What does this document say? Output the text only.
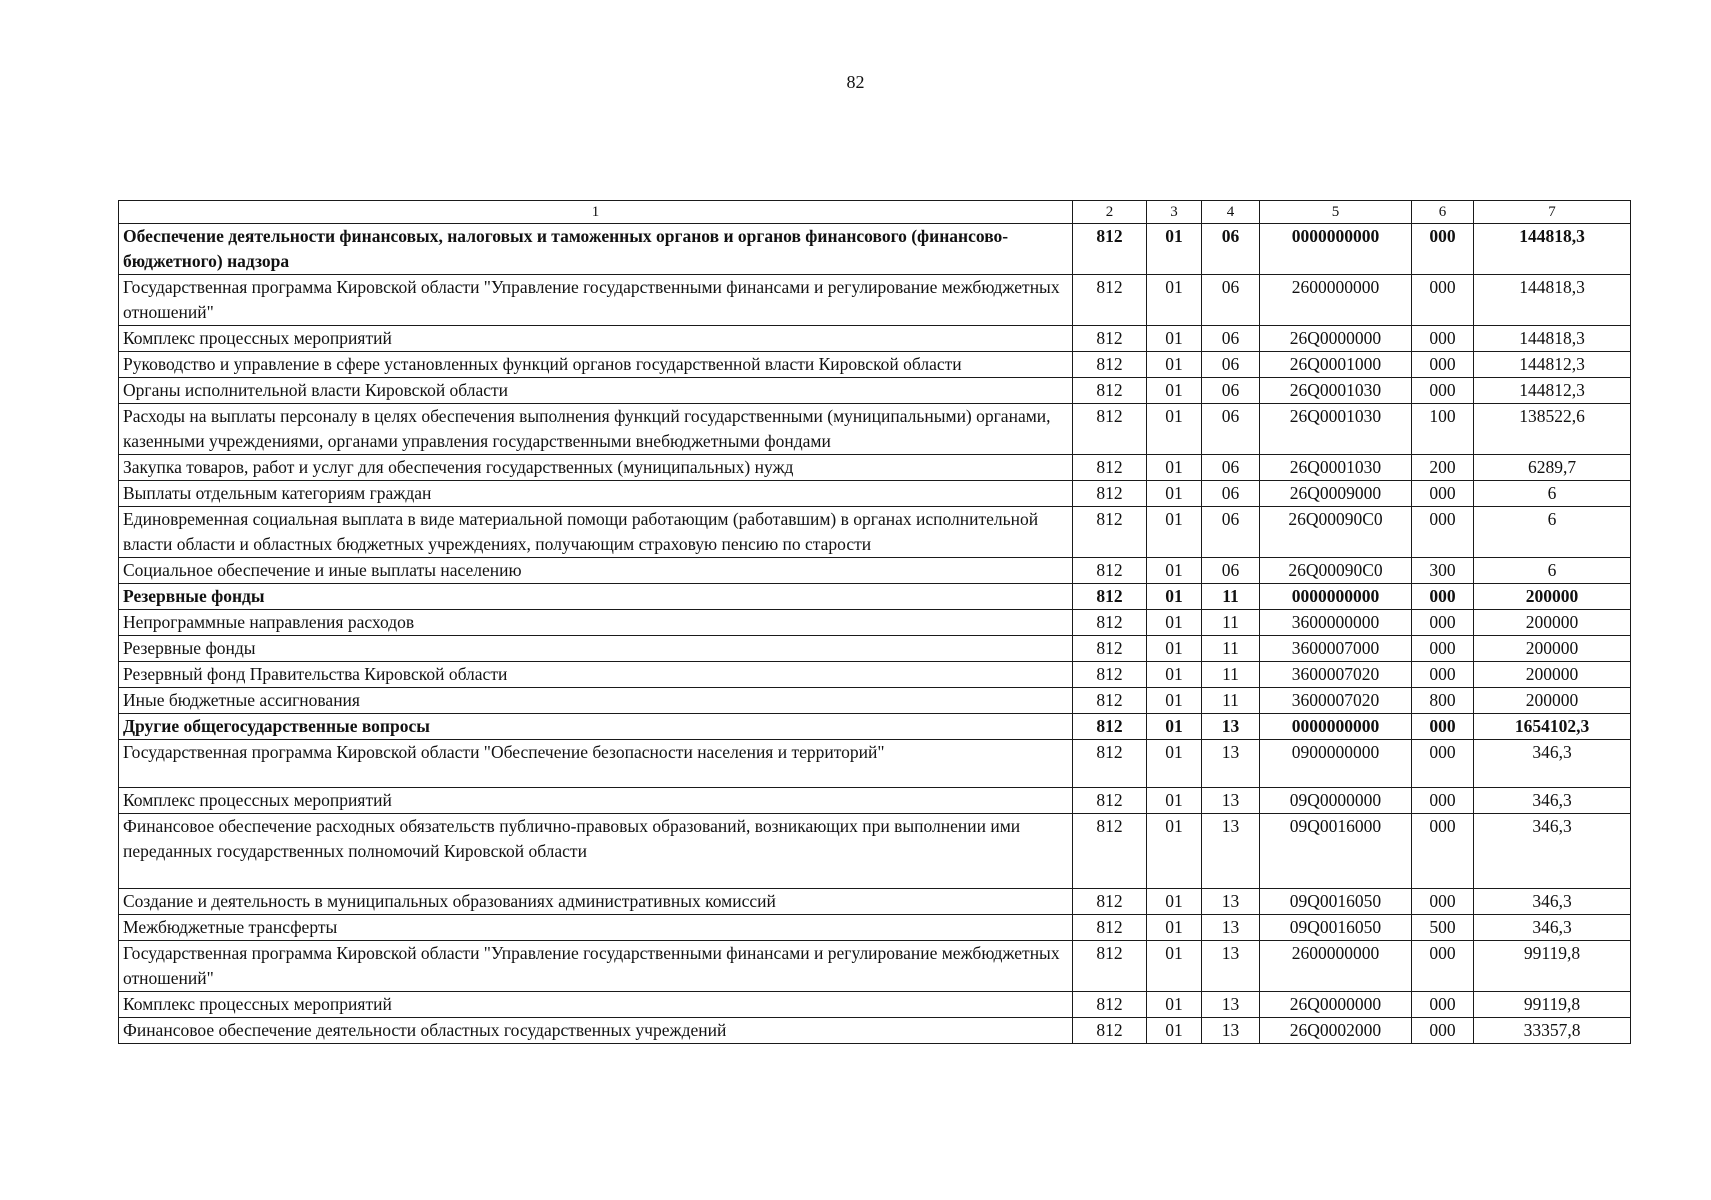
82
1	2	3	4	5	6	7
Обеспечение деятельности финансовых, налоговых и таможенных органов и органов финансового (финансово-бюджетного) надзора	812	01	06	0000000000	000	144818,3
Государственная программа Кировской области "Управление государственными финансами и регулирование межбюджетных отношений"	812	01	06	2600000000	000	144818,3
Комплекс процессных мероприятий	812	01	06	26Q0000000	000	144818,3
Руководство и управление в сфере установленных функций органов государственной власти Кировской области	812	01	06	26Q0001000	000	144812,3
Органы исполнительной власти Кировской области	812	01	06	26Q0001030	000	144812,3
Расходы на выплаты персоналу в целях обеспечения выполнения функций государственными (муниципальными) органами, казенными учреждениями, органами управления государственными внебюджетными фондами	812	01	06	26Q0001030	100	138522,6
Закупка товаров, работ и услуг для обеспечения государственных (муниципальных) нужд	812	01	06	26Q0001030	200	6289,7
Выплаты отдельным категориям граждан	812	01	06	26Q0009000	000	6
Единовременная социальная выплата в виде материальной помощи работающим (работавшим) в органах исполнительной власти области и областных бюджетных учреждениях, получающим страховую пенсию по старости	812	01	06	26Q00090C0	000	6
Социальное обеспечение и иные выплаты населению	812	01	06	26Q00090C0	300	6
Резервные фонды	812	01	11	0000000000	000	200000
Непрограммные направления расходов	812	01	11	3600000000	000	200000
Резервные фонды	812	01	11	3600007000	000	200000
Резервный фонд Правительства Кировской области	812	01	11	3600007020	000	200000
Иные бюджетные ассигнования	812	01	11	3600007020	800	200000
Другие общегосударственные вопросы	812	01	13	0000000000	000	1654102,3
Государственная программа Кировской области "Обеспечение безопасности населения и территорий"	812	01	13	0900000000	000	346,3
Комплекс процессных мероприятий	812	01	13	09Q0000000	000	346,3
Финансовое обеспечение расходных обязательств публично-правовых образований, возникающих при выполнении ими переданных государственных полномочий Кировской области	812	01	13	09Q0016000	000	346,3
Создание и деятельность в муниципальных образованиях административных комиссий	812	01	13	09Q0016050	000	346,3
Межбюджетные трансферты	812	01	13	09Q0016050	500	346,3
Государственная программа Кировской области "Управление государственными финансами и регулирование межбюджетных отношений"	812	01	13	2600000000	000	99119,8
Комплекс процессных мероприятий	812	01	13	26Q0000000	000	99119,8
Финансовое обеспечение деятельности областных государственных учреждений	812	01	13	26Q0002000	000	33357,8
